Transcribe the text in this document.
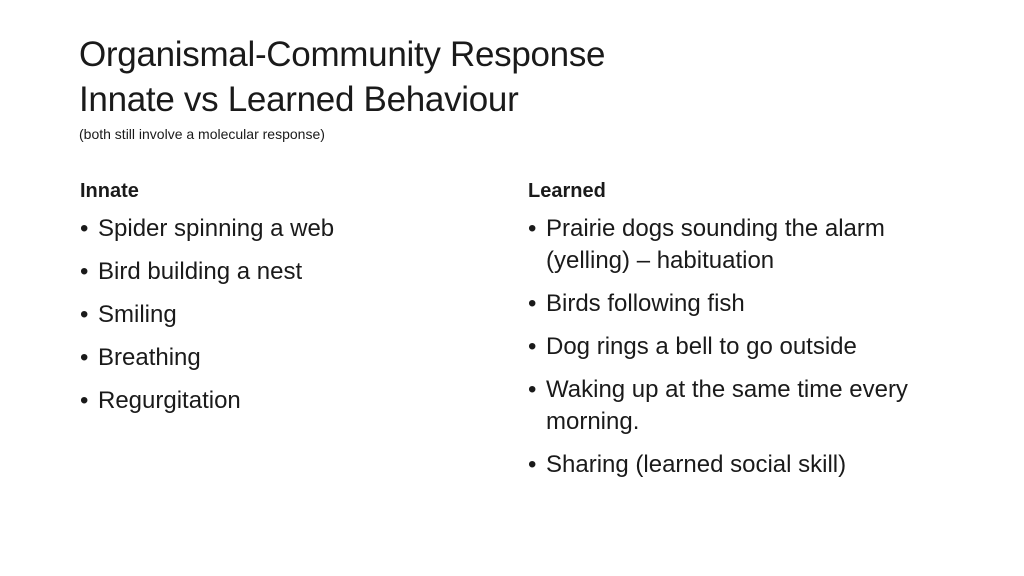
Organismal-Community Response
Innate vs Learned Behaviour
(both still involve a molecular response)
Innate
• Spider spinning a web
• Bird building a nest
• Smiling
• Breathing
• Regurgitation
Learned
• Prairie dogs sounding the alarm (yelling) – habituation
• Birds following fish
• Dog rings a bell to go outside
• Waking up at the same time every morning.
• Sharing (learned social skill)
